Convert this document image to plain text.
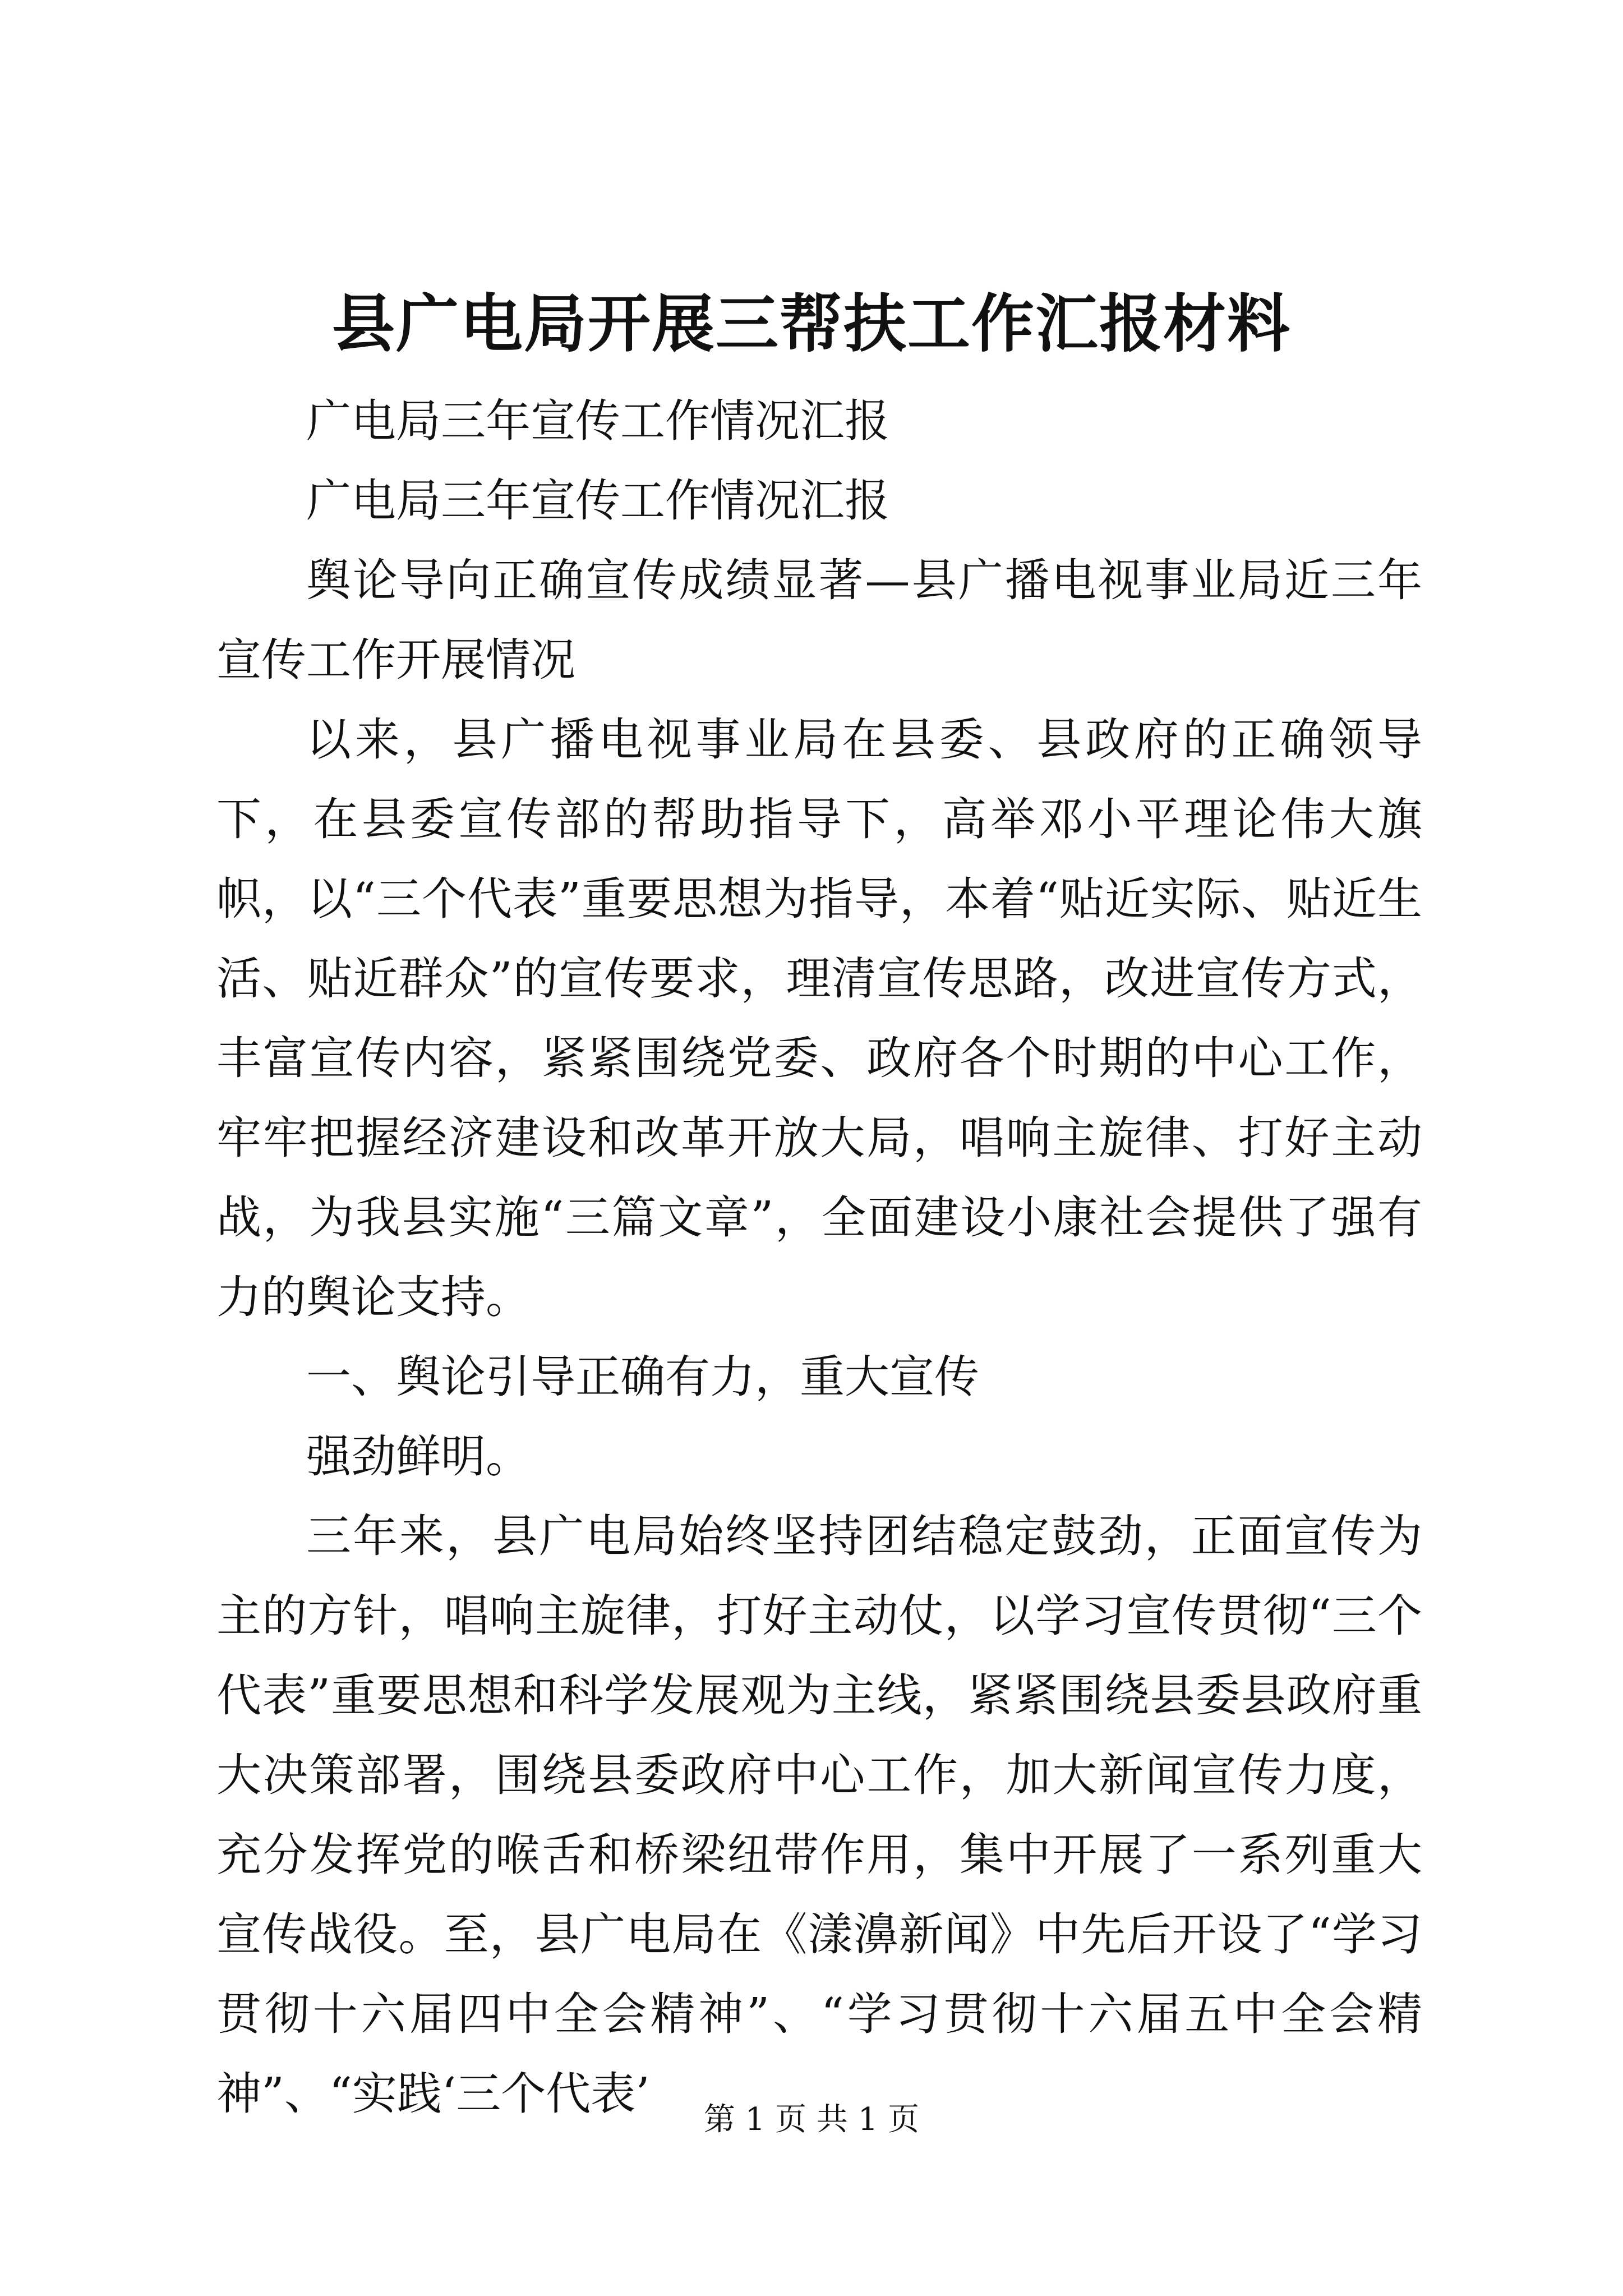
县广电局开展三帮扶工作汇报材料

广电局三年宣传工作情况汇报

广电局三年宣传工作情况汇报

舆论导向正确宣传成绩显著—县广播电视事业局近三年宣传工作开展情况

以来，县广播电视事业局在县委、县政府的正确领导下，在县委宣传部的帮助指导下，高举邓小平理论伟大旗帜，以“三个代表”重要思想为指导，本着“贴近实际、贴近生活、贴近群众”的宣传要求，理清宣传思路，改进宣传方式，丰富宣传内容，紧紧围绕党委、政府各个时期的中心工作，牢牢把握经济建设和改革开放大局，唱响主旋律、打好主动战，为我县实施“三篇文章”，全面建设小康社会提供了强有力的舆论支持。

一、舆论引导正确有力，重大宣传

强劲鲜明。

三年来，县广电局始终坚持团结稳定鼓劲，正面宣传为主的方针，唱响主旋律，打好主动仗，以学习宣传贯彻“三个代表”重要思想和科学发展观为主线，紧紧围绕县委县政府重大决策部署，围绕县委政府中心工作，加大新闻宣传力度，充分发挥党的喉舌和桥梁纽带作用，集中开展了一系列重大宣传战役。至，县广电局在《漾濞新闻》中先后开设了“学习贯彻十六届四中全会精神”、“学习贯彻十六届五中全会精神”、“实践‘三个代表’	第 1 页 共 1 页
